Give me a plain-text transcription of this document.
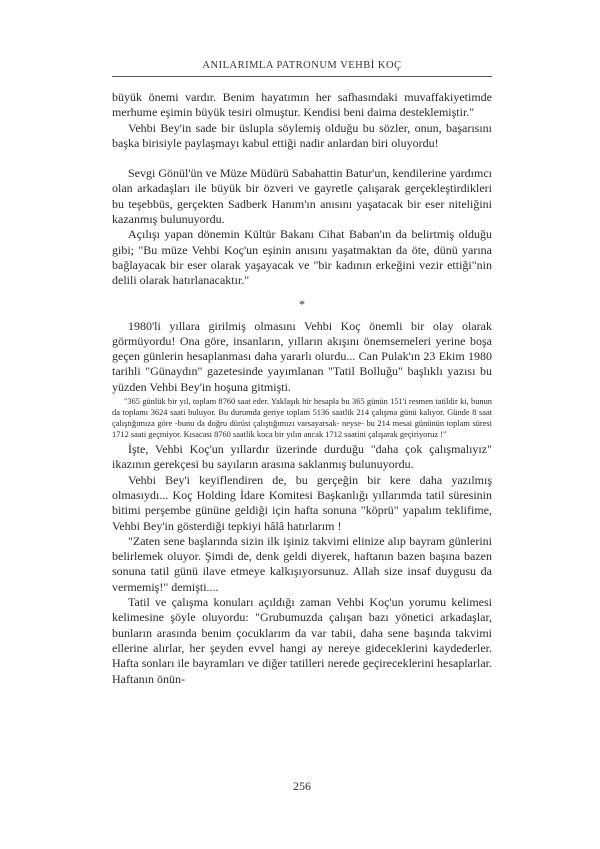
ANILARIMLA PATRONUM VEHBİ KOÇ

büyük önemi vardır. Benim hayatımın her safhasındaki muvaffakiyetimde merhume eşimin büyük tesiri olmuştur. Kendisi beni daima desteklemiştir."

Vehbi Bey'in sade bir üslupla söylemiş olduğu bu sözler, onun, başarısını başka birisiyle paylaşmayı kabul ettiği nadir anlardan biri oluyordu!

Sevgi Gönül'ün ve Müze Müdürü Sabahattin Batur'un, kendilerine yardımcı olan arkadaşları ile büyük bir özveri ve gayretle çalışarak gerçekleştirdikleri bu teşebbüs, gerçekten Sadberk Hanım'ın anısını yaşatacak bir eser niteliğini kazanmış bulunuyordu.

Açılışı yapan dönemin Kültür Bakanı Cihat Baban'ın da belirtmiş olduğu gibi; "Bu müze Vehbi Koç'un eşinin anısını yaşatmaktan da öte, dünü yarına bağlayacak bir eser olarak yaşayacak ve "bir kadının erkeğini vezir ettiği"nin delili olarak hatırlanacaktır."

*

1980'li yıllara girilmiş olmasını Vehbi Koç önemli bir olay olarak görmüyordu! Ona göre, insanların, yılların akışını önemsemeleri yerine boşa geçen günlerin hesaplanması daha yararlı olurdu... Can Pulak'ın 23 Ekim 1980 tarihli "Günaydın" gazetesinde yayımlanan "Tatil Bolluğu" başlıklı yazısı bu yüzden Vehbi Bey'in hoşuna gitmişti.

"365 günlük bir yıl, toplam 8760 saat eder. Yaklaşık bir hesapla bu 365 günün 151'i resmen tatildir ki, bunun da toplamı 3624 saati buluyor. Bu durumda geriye toplam 5136 saatlik 214 çalışma günü kalıyor. Günde 8 saat çalıştığımıza göre -bunu da doğru dürüst çalıştığımızı varsayarsak- neyse- bu 214 mesai gününün toplam süresi 1712 saati geçmiyor. Kısacası 8760 saatlik koca bir yılın ancak 1712 saatini çalışarak geçiriyoruz !"

İşte, Vehbi Koç'un yıllardır üzerinde durduğu "daha çok çalışmalıyız" ikazının gerekçesi bu sayıların arasına saklanmış bulunuyordu.

Vehbi Bey'i keyiflendiren de, bu gerçeğin bir kere daha yazılmış olmasıydı... Koç Holding İdare Komitesi Başkanlığı yıllarımda tatil süresinin bitimi perşembe gününe geldiği için hafta sonuna "köprü" yapalım teklifime, Vehbi Bey'in gösterdiği tepkiyi hâlâ hatırlarım !

"Zaten sene başlarında sizin ilk işiniz takvimi elinize alıp bayram günlerini belirlemek oluyor. Şimdi de, denk geldi diyerek, haftanın bazen başına bazen sonuna tatil günü ilave etmeye kalkışıyorsunuz. Allah size insaf duygusu da vermemiş!" demişti....

Tatil ve çalışma konuları açıldığı zaman Vehbi Koç'un yorumu kelimesi kelimesine şöyle oluyordu: "Grubumuzda çalışan bazı yönetici arkadaşlar, bunların arasında benim çocuklarım da var tabii, daha sene başında takvimi ellerine alırlar, her şeyden evvel hangi ay nereye gideceklerini kaydederler. Hafta sonları ile bayramları ve diğer tatilleri nerede geçireceklerini hesaplarlar. Haftanın önün-

256
